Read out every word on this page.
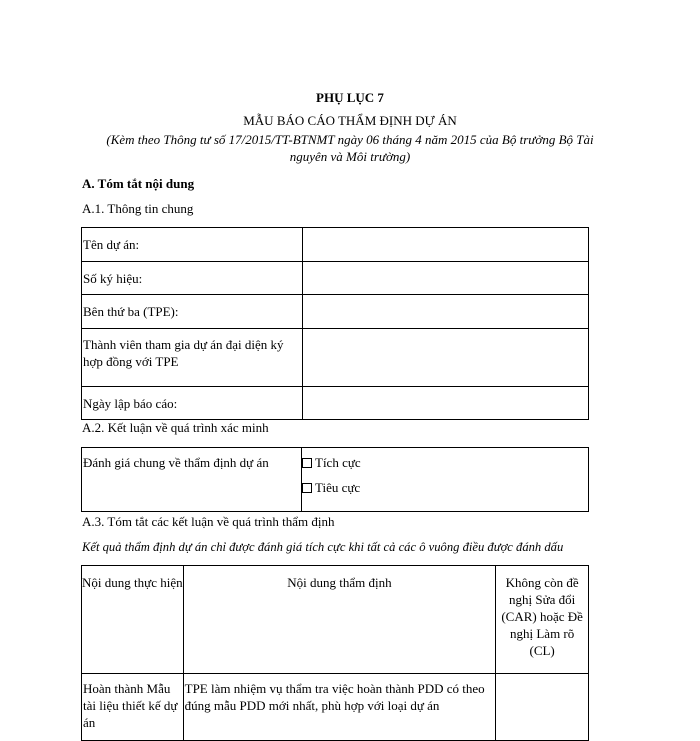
PHỤ LỤC 7
MẪU BÁO CÁO THẨM ĐỊNH DỰ ÁN
(Kèm theo Thông tư số 17/2015/TT-BTNMT ngày 06 tháng 4 năm 2015 của Bộ trưởng Bộ Tài nguyên và Môi trường)
A. Tóm tắt nội dung
A.1. Thông tin chung
Tên dự án:	
Số ký hiệu:	
Bên thứ ba (TPE):	
Thành viên tham gia dự án đại diện ký hợp đồng với TPE	
Ngày lập báo cáo:	
A.2. Kết luận về quá trình xác minh
Đánh giá chung về thẩm định dự án	Tích cực
Tiêu cực
A.3. Tóm tắt các kết luận về quá trình thẩm định
Kết quả thẩm định dự án chỉ được đánh giá tích cực khi tất cả các ô vuông điều được đánh dấu
Nội dung thực hiện	Nội dung thẩm định	Không còn đề nghị Sửa đổi (CAR) hoặc Đề nghị Làm rõ (CL)
Hoàn thành Mẫu tài liệu thiết kế dự án	TPE làm nhiệm vụ thẩm tra việc hoàn thành PDD có theo đúng mẫu PDD mới nhất, phù hợp với loại dự án	
